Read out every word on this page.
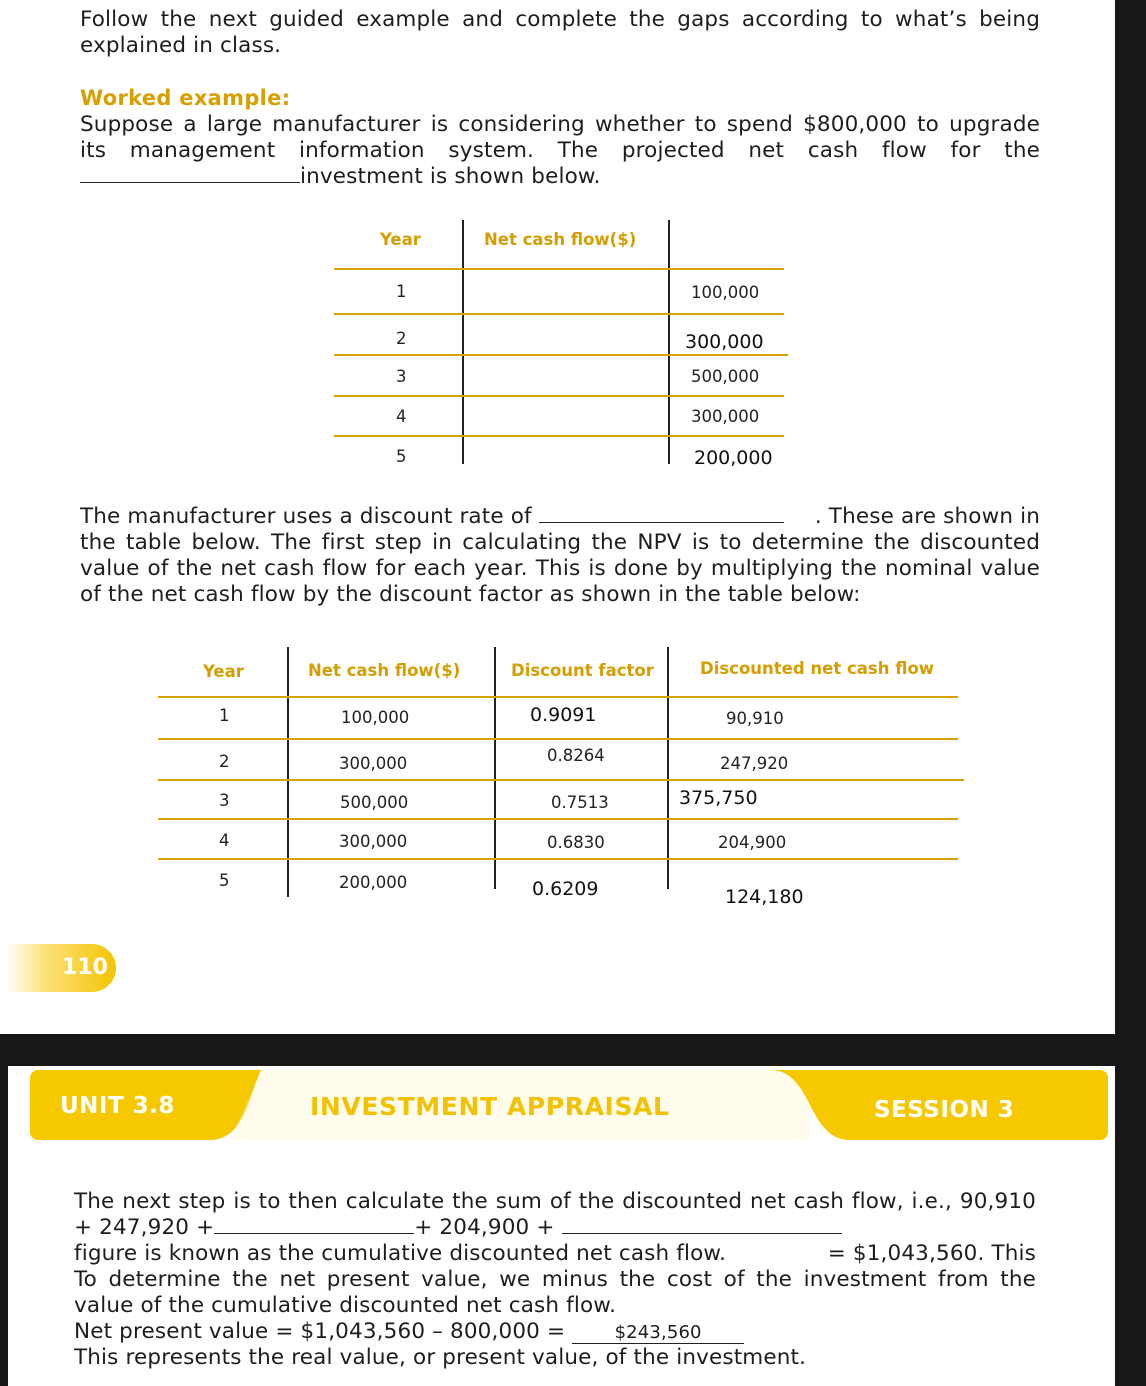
Follow the next guided example and complete the gaps according to what’s being
explained in class.
Worked example:
Suppose a large manufacturer is considering whether to spend $800,000 to upgrade
its management information system. The projected net cash flow for the
investment is shown below.
Year	Net cash flow($)
1	100,000
2	300,000
3	500,000
4	300,000
5	200,000
The manufacturer uses a discount rate of	. These are shown in
the table below. The first step in calculating the NPV is to determine the discounted
value of the net cash flow for each year. This is done by multiplying the nominal value
of the net cash flow by the discount factor as shown in the table below:
Year	Net cash flow($)	Discount factor	Discounted net cash flow
1	100,000	0.9091	90,910
2	300,000	0.8264	247,920
3	500,000	0.7513	375,750
4	300,000	0.6830	204,900
5	200,000	0.6209	124,180
110
UNIT 3.8	INVESTMENT APPRAISAL	SESSION 3
The next step is to then calculate the sum of the discounted net cash flow, i.e., 90,910
+ 247,920 +	+ 204,900 +
= $1,043,560. This
figure is known as the cumulative discounted net cash flow.
To determine the net present value, we minus the cost of the investment from the
value of the cumulative discounted net cash flow.
Net present value = $1,043,560 – 800,000 =	$243,560
This represents the real value, or present value, of the investment.
